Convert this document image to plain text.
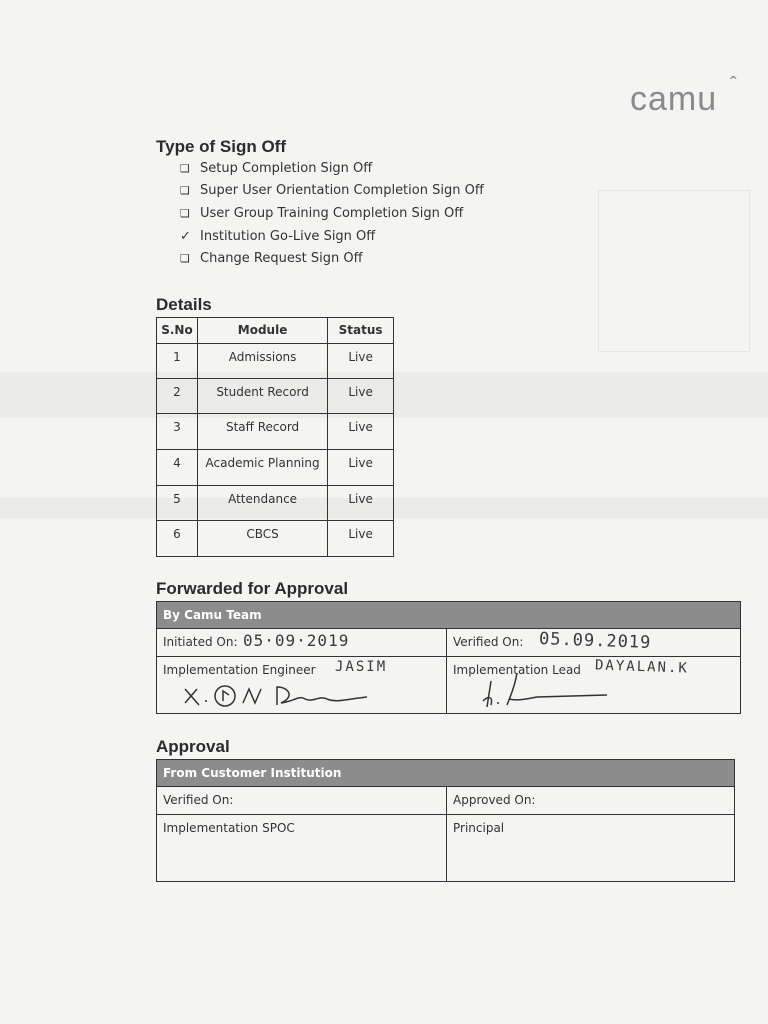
camu ˆ
Type of Sign Off
❏ Setup Completion Sign Off
❏ Super User Orientation Completion Sign Off
❏ User Group Training Completion Sign Off
✓ Institution Go-Live Sign Off
❏ Change Request Sign Off
Details
S.No	Module	Status
1	Admissions	Live
2	Student Record	Live
3	Staff Record	Live
4	Academic Planning	Live
5	Attendance	Live
6	CBCS	Live
Forwarded for Approval
By Camu Team
Initiated On: 05·09·2019	Verified On: 05.09.2019
Implementation Engineer JASIM	Implementation Lead DAYALAN.K
Approval
From Customer Institution
Verified On:	Approved On:
Implementation SPOC	Principal
